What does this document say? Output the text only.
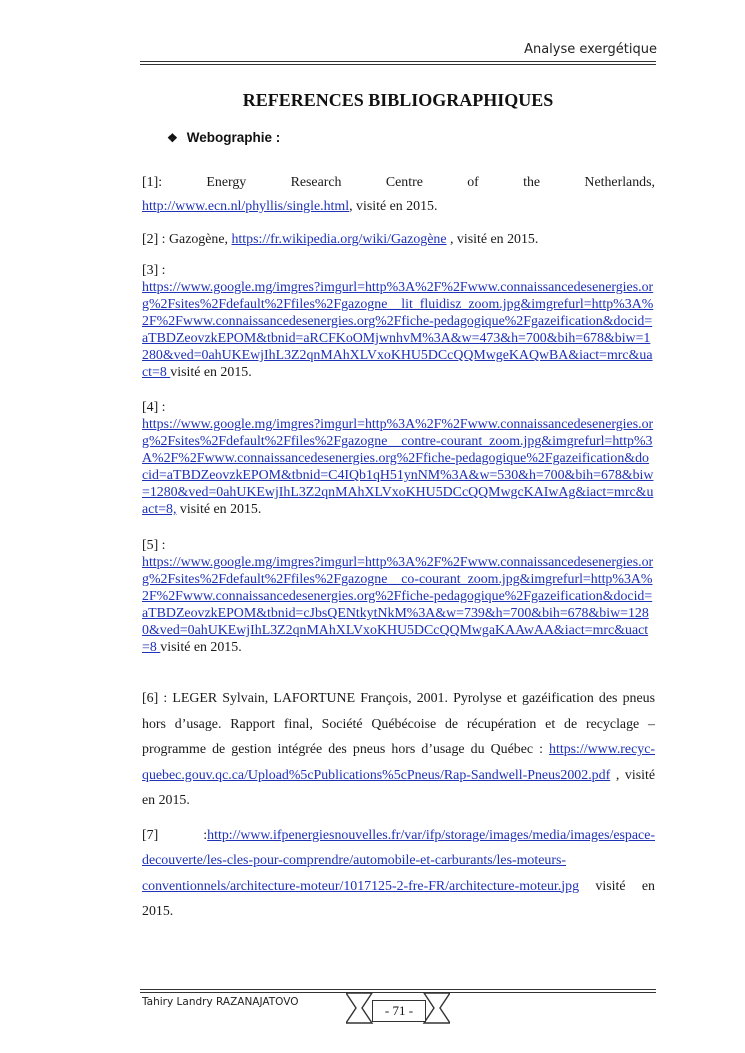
Analyse exergétique
REFERENCES BIBLIOGRAPHIQUES
❖ Webographie :

[1]:	Energy	Research	Centre	of	the	Netherlands,
http://www.ecn.nl/phyllis/single.html, visité en 2015.

[2] : Gazogène, https://fr.wikipedia.org/wiki/Gazogène , visité en 2015.

[3] :
https://www.google.mg/imgres?imgurl=http%3A%2F%2Fwww.connaissancedesenergies.org%2Fsites%2Fdefault%2Ffiles%2Fgazogne__lit_fluidisz_zoom.jpg&imgrefurl=http%3A%2F%2Fwww.connaissancedesenergies.org%2Ffiche-pedagogique%2Fgazeification&docid=aTBDZeovzkEPOM&tbnid=aRCFKoOMjwnhvM%3A&w=473&h=700&bih=678&biw=1280&ved=0ahUKEwjIhL3Z2qnMAhXLVxoKHU5DCcQQMwgeKAQwBA&iact=mrc&uact=8 visité en 2015.

[4] :
https://www.google.mg/imgres?imgurl=http%3A%2F%2Fwww.connaissancedesenergies.org%2Fsites%2Fdefault%2Ffiles%2Fgazogne__contre-courant_zoom.jpg&imgrefurl=http%3A%2F%2Fwww.connaissancedesenergies.org%2Ffiche-pedagogique%2Fgazeification&docid=aTBDZeovzkEPOM&tbnid=C4IQb1qH51ynNM%3A&w=530&h=700&bih=678&biw=1280&ved=0ahUKEwjIhL3Z2qnMAhXLVxoKHU5DCcQQMwgcKAIwAg&iact=mrc&uact=8, visité en 2015.

[5] :
https://www.google.mg/imgres?imgurl=http%3A%2F%2Fwww.connaissancedesenergies.org%2Fsites%2Fdefault%2Ffiles%2Fgazogne__co-courant_zoom.jpg&imgrefurl=http%3A%2F%2Fwww.connaissancedesenergies.org%2Ffiche-pedagogique%2Fgazeification&docid=aTBDZeovzkEPOM&tbnid=cJbsQENtkytNkM%3A&w=739&h=700&bih=678&biw=1280&ved=0ahUKEwjIhL3Z2qnMAhXLVxoKHU5DCcQQMwgaKAAwAA&iact=mrc&uact=8 visité en 2015.

[6] : LEGER Sylvain, LAFORTUNE François, 2001. Pyrolyse et gazéification des pneus hors d’usage. Rapport final, Société Québécoise de récupération et de recyclage – programme de gestion intégrée des pneus hors d’usage du Québec : https://www.recyc-quebec.gouv.qc.ca/Upload%5cPublications%5cPneus/Rap-Sandwell-Pneus2002.pdf , visité en 2015.

[7] :http://www.ifpenergiesnouvelles.fr/var/ifp/storage/images/media/images/espace-decouverte/les-cles-pour-comprendre/automobile-et-carburants/les-moteurs-conventionnels/architecture-moteur/1017125-2-fre-FR/architecture-moteur.jpg visité en 2015.

Tahiry Landry RAZANAJATOVO
- 71 -
